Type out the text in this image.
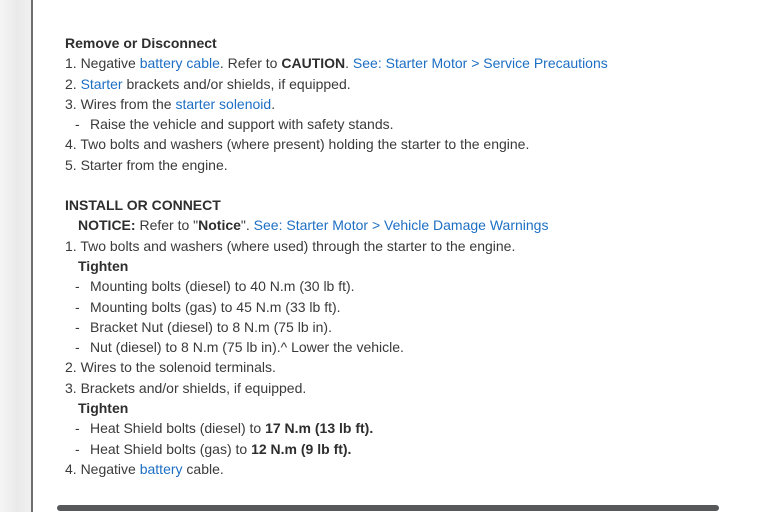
Remove or Disconnect
1. Negative battery cable. Refer to CAUTION. See: Starter Motor > Service Precautions
2. Starter brackets and/or shields, if equipped.
3. Wires from the starter solenoid.
- Raise the vehicle and support with safety stands.
4. Two bolts and washers (where present) holding the starter to the engine.
5. Starter from the engine.
INSTALL OR CONNECT
NOTICE: Refer to "Notice". See: Starter Motor > Vehicle Damage Warnings
1. Two bolts and washers (where used) through the starter to the engine.
Tighten
- Mounting bolts (diesel) to 40 N.m (30 lb ft).
- Mounting bolts (gas) to 45 N.m (33 lb ft).
- Bracket Nut (diesel) to 8 N.m (75 lb in).
- Nut (diesel) to 8 N.m (75 lb in).^ Lower the vehicle.
2. Wires to the solenoid terminals.
3. Brackets and/or shields, if equipped.
Tighten
- Heat Shield bolts (diesel) to 17 N.m (13 lb ft).
- Heat Shield bolts (gas) to 12 N.m (9 lb ft).
4. Negative battery cable.
